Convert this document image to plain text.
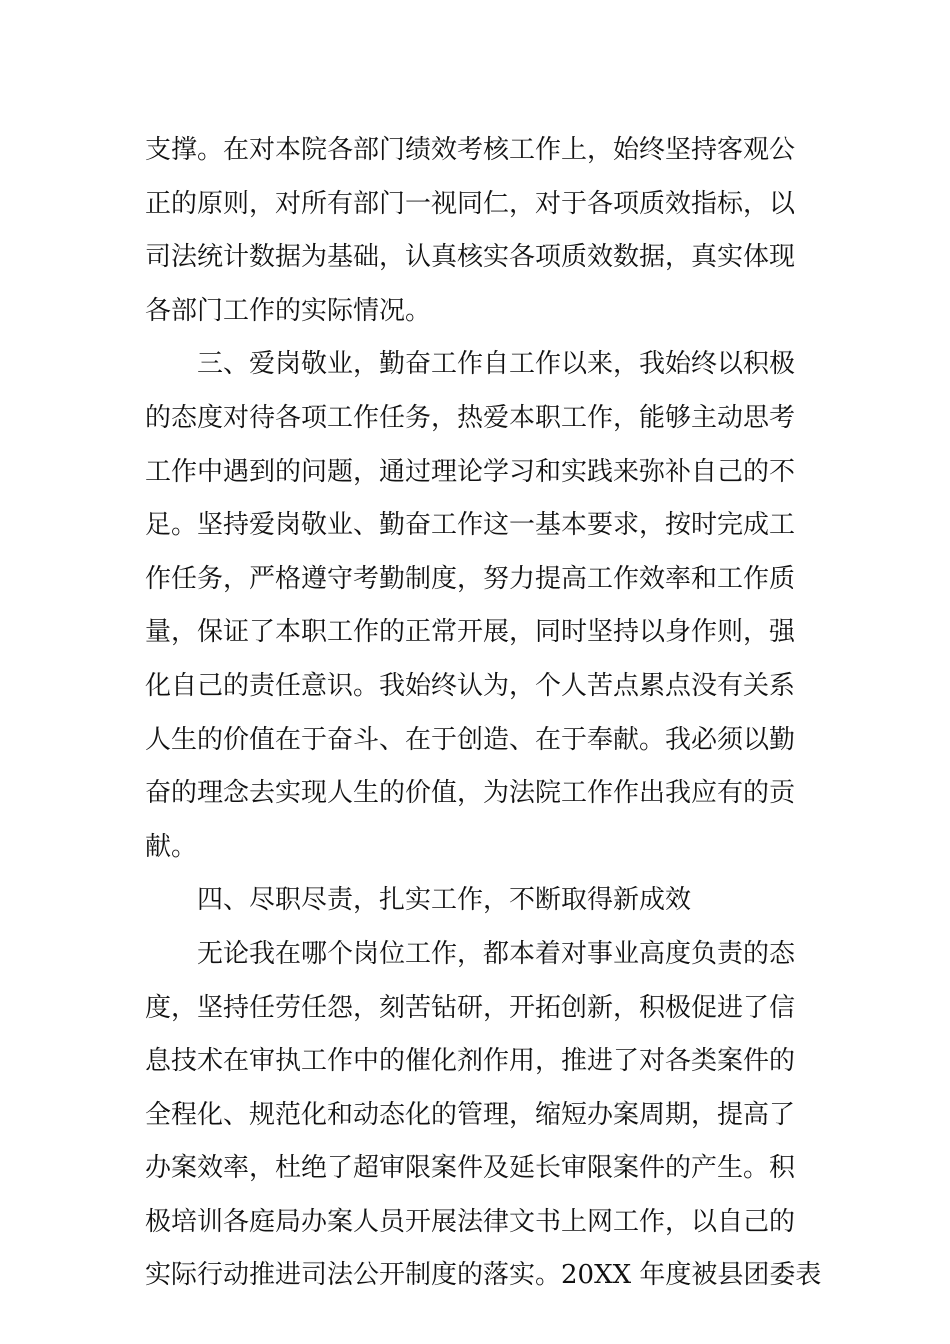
支撑。在对本院各部门绩效考核工作上，始终坚持客观公
正的原则，对所有部门一视同仁，对于各项质效指标，以
司法统计数据为基础，认真核实各项质效数据，真实体现
各部门工作的实际情况。
三、爱岗敬业，勤奋工作自工作以来，我始终以积极
的态度对待各项工作任务，热爱本职工作，能够主动思考
工作中遇到的问题，通过理论学习和实践来弥补自己的不
足。坚持爱岗敬业、勤奋工作这一基本要求，按时完成工
作任务，严格遵守考勤制度，努力提高工作效率和工作质
量，保证了本职工作的正常开展，同时坚持以身作则，强
化自己的责任意识。我始终认为，个人苦点累点没有关系
人生的价值在于奋斗、在于创造、在于奉献。我必须以勤
奋的理念去实现人生的价值，为法院工作作出我应有的贡
献。
四、尽职尽责，扎实工作，不断取得新成效
无论我在哪个岗位工作，都本着对事业高度负责的态
度，坚持任劳任怨，刻苦钻研，开拓创新，积极促进了信
息技术在审执工作中的催化剂作用，推进了对各类案件的
全程化、规范化和动态化的管理，缩短办案周期，提高了
办案效率，杜绝了超审限案件及延长审限案件的产生。积
极培训各庭局办案人员开展法律文书上网工作，以自己的
实际行动推进司法公开制度的落实。20XX 年度被县团委表
